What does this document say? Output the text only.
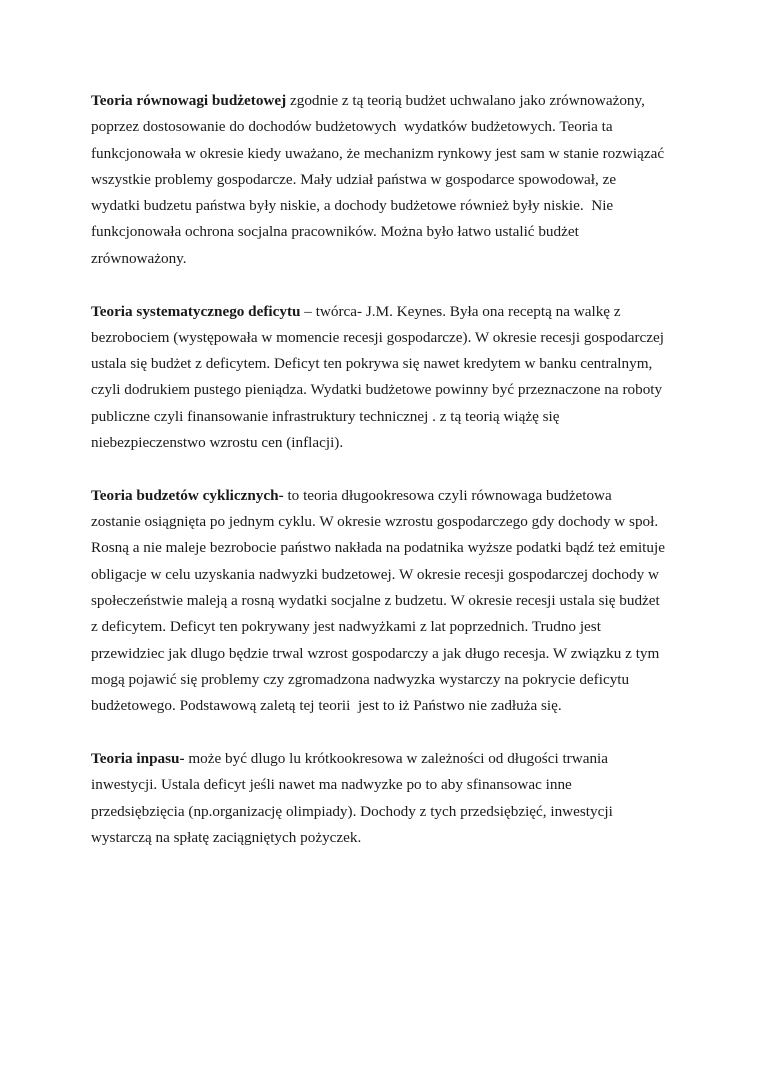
Teoria równowagi budżetowej zgodnie z tą teorią budżet uchwalano jako zrównoważony,
poprzez dostosowanie do dochodów budżetowych  wydatków budżetowych. Teoria ta
funkcjonowała w okresie kiedy uważano, że mechanizm rynkowy jest sam w stanie rozwiązać
wszystkie problemy gospodarcze. Mały udział państwa w gospodarce spowodował, ze
wydatki budzetu państwa były niskie, a dochody budżetowe również były niskie.  Nie
funkcjonowała ochrona socjalna pracowników. Można było łatwo ustalić budżet
zrównoważony.
Teoria systematycznego deficytu – twórca- J.M. Keynes. Była ona receptą na walkę z
bezrobociem (występowała w momencie recesji gospodarcze). W okresie recesji gospodarczej
ustala się budżet z deficytem. Deficyt ten pokrywa się nawet kredytem w banku centralnym,
czyli dodrukiem pustego pieniądza. Wydatki budżetowe powinny być przeznaczone na roboty
publiczne czyli finansowanie infrastruktury technicznej . z tą teorią wiążę się
niebezpieczenstwo wzrostu cen (inflacji).
Teoria budzetów cyklicznych- to teoria długookresowa czyli równowaga budżetowa
zostanie osiągnięta po jednym cyklu. W okresie wzrostu gospodarczego gdy dochody w społ.
Rosną a nie maleje bezrobocie państwo nakłada na podatnika wyższe podatki bądź też emituje
obligacje w celu uzyskania nadwyzki budzetowej. W okresie recesji gospodarczej dochody w
społeczeństwie maleją a rosną wydatki socjalne z budzetu. W okresie recesji ustala się budżet
z deficytem. Deficyt ten pokrywany jest nadwyżkami z lat poprzednich. Trudno jest
przewidziec jak dlugo będzie trwal wzrost gospodarczy a jak długo recesja. W związku z tym
mogą pojawić się problemy czy zgromadzona nadwyzka wystarczy na pokrycie deficytu
budżetowego. Podstawową zaletą tej teorii  jest to iż Państwo nie zadłuża się.
Teoria inpasu- może być dlugo lu krótkookresowa w zależności od długości trwania
inwestycji. Ustala deficyt jeśli nawet ma nadwyzke po to aby sfinansowac inne
przedsiębzięcia (np.organizację olimpiady). Dochody z tych przedsiębzięć, inwestycji
wystarczą na spłatę zaciągniętych pożyczek.
